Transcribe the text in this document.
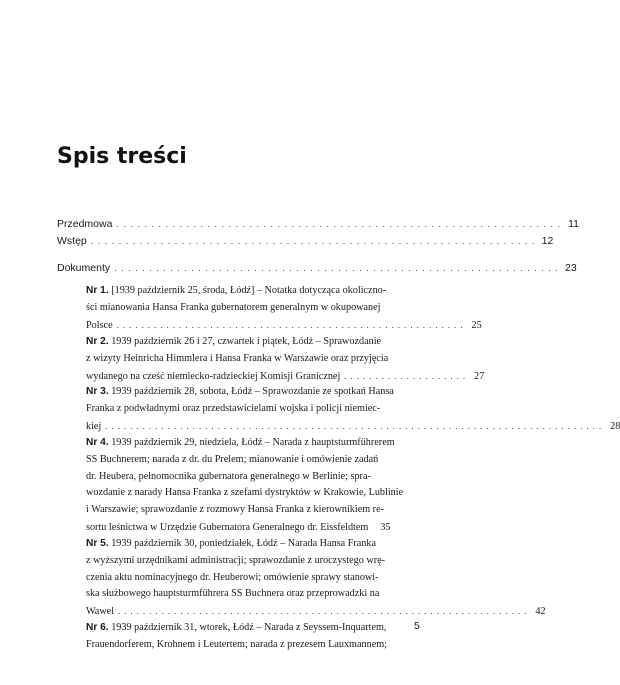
Spis treści
Przedmowa . . . . . . . . . . . . . . . . . . . . . . . . . . . . . . . . . . . . . . . . . . . . . . . . . . . . . . . . . . . . . . . . 11
Wstęp . . . . . . . . . . . . . . . . . . . . . . . . . . . . . . . . . . . . . . . . . . . . . . . . . . . . . . . . . . . . . . . . 12
Dokumenty . . . . . . . . . . . . . . . . . . . . . . . . . . . . . . . . . . . . . . . . . . . . . . . . . . . . . . . . . . . . . . . . 23
Nr 1. [1939 październik 25, środa, Łódź] – Notatka dotycząca okoliczno-
ści mianowania Hansa Franka gubernatorem generalnym w okupowanej
Polsce . . . . . . . . . . . . . . . . . . . . . . . . . . . . . . . . . . . . . . . . . . . . . . . . . . . . . . . . 25
Nr 2. 1939 październik 26 i 27, czwartek i piątek, Łódź – Sprawozdanie
z wizyty Heinricha Himmlera i Hansa Franka w Warszawie oraz przyjęcia
wydanego na cześć niemiecko-radzieckiej Komisji Granicznej . . . . . . . . . . . . . . . . . . . . 27
Nr 3. 1939 październik 28, sobota, Łódź – Sprawozdanie ze spotkań Hansa
Franka z podwładnymi oraz przedstawicielami wojska i policji niemiec-
kiej . . . . . . . . . . . . . . . . . . . . . . . . . . . . . . . . . . . . . . . . . . . . . . . . . . . . . . . . . . . . . . . . . . . . . . . . . . . . . . . . 28
Nr 4. 1939 październik 29, niedziela, Łódź – Narada z hauptsturmführerem
SS Buchnerem; narada z dr. du Prelem; mianowanie i omówienie zadań
dr. Heubera, pełnomocnika gubernatora generalnego w Berlinie; spra-
wozdanie z narady Hansa Franka z szefami dystryktów w Krakowie, Lublinie
i Warszawie; sprawozdanie z rozmowy Hansa Franka z kierownikiem re-
sortu leśnictwa w Urzędzie Gubernatora Generalnego dr. Eissfeldtem	35
Nr 5. 1939 październik 30, poniedziałek, Łódź – Narada Hansa Franka
z wyższymi urzędnikami administracji; sprawozdanie z uroczystego wrę-
czenia aktu nominacyjnego dr. Heuberowi; omówienie sprawy stanowi-
ska służbowego hauptsturmführera SS Buchnera oraz przeprowadzki na
Wawel . . . . . . . . . . . . . . . . . . . . . . . . . . . . . . . . . . . . . . . . . . . . . . . . . . . . . . . . . . . . . . . . . . 42
Nr 6. 1939 październik 31, wtorek, Łódź – Narada z Seyssem-Inquartem,
Frauendorferem, Krohnem i Leutertem; narada z prezesem Lauxmannem;
5
